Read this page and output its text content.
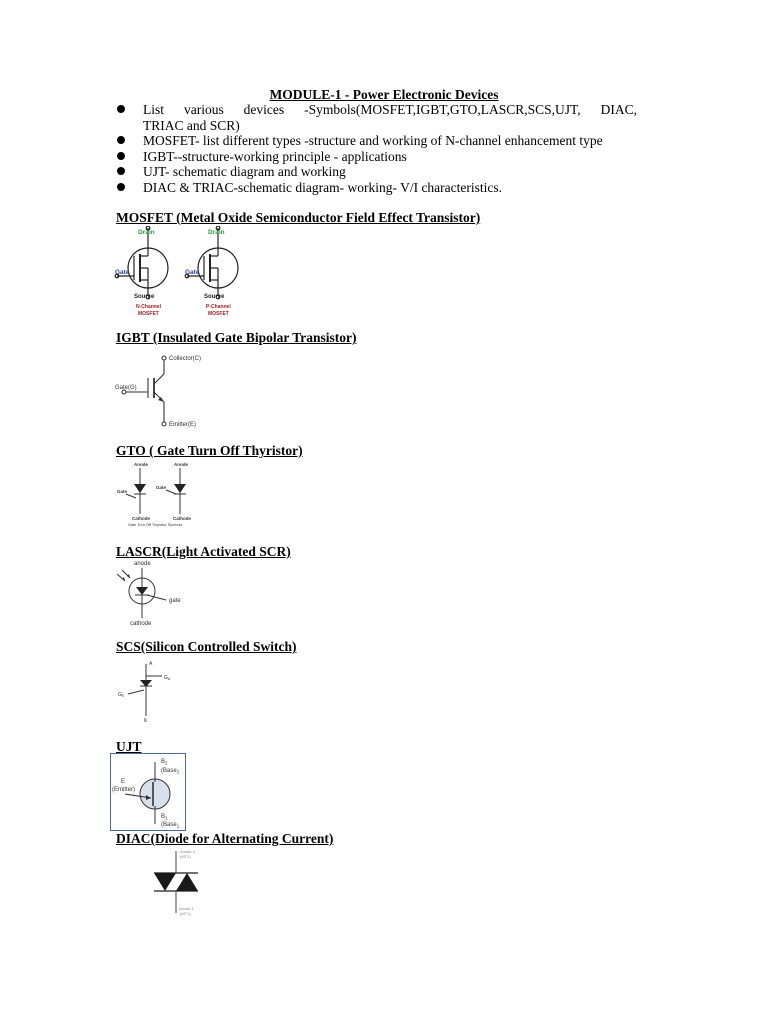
MODULE-1 - Power Electronic Devices
List various devices -Symbols(MOSFET,IGBT,GTO,LASCR,SCS,UJT, DIAC,
TRIAC and SCR)
MOSFET- list different types -structure and working of N-channel enhancement type
IGBT--structure-working principle - applications
UJT- schematic diagram and working
DIAC & TRIAC-schematic diagram- working- V/I characteristics.
MOSFET (Metal Oxide Semiconductor Field Effect Transistor)
Drain	Drain
Gate	Gate
Source	Source
N-Channel
MOSFET
P-Channel
MOSFET
IGBT (Insulated Gate Bipolar Transistor)
Collector(C)
Gate(G)
Emitter(E)
GTO ( Gate Turn Off Thyristor)
Anode	Anode
Gate
Gate
Cathode	Cathode
Gate Turn Off Thyristor Symbols
LASCR(Light Activated SCR)
anode
gate
cathode
SCS(Silicon Controlled Switch)
A
$G_A$
$G_K$
K
UJT
$B_2$
(Base$_2$
E
(Emitter)
$B_1$
(Base$_1$
DIAC(Diode for Alternating Current)
Anode 2
(MT2)
Anode 1
(MT1)
